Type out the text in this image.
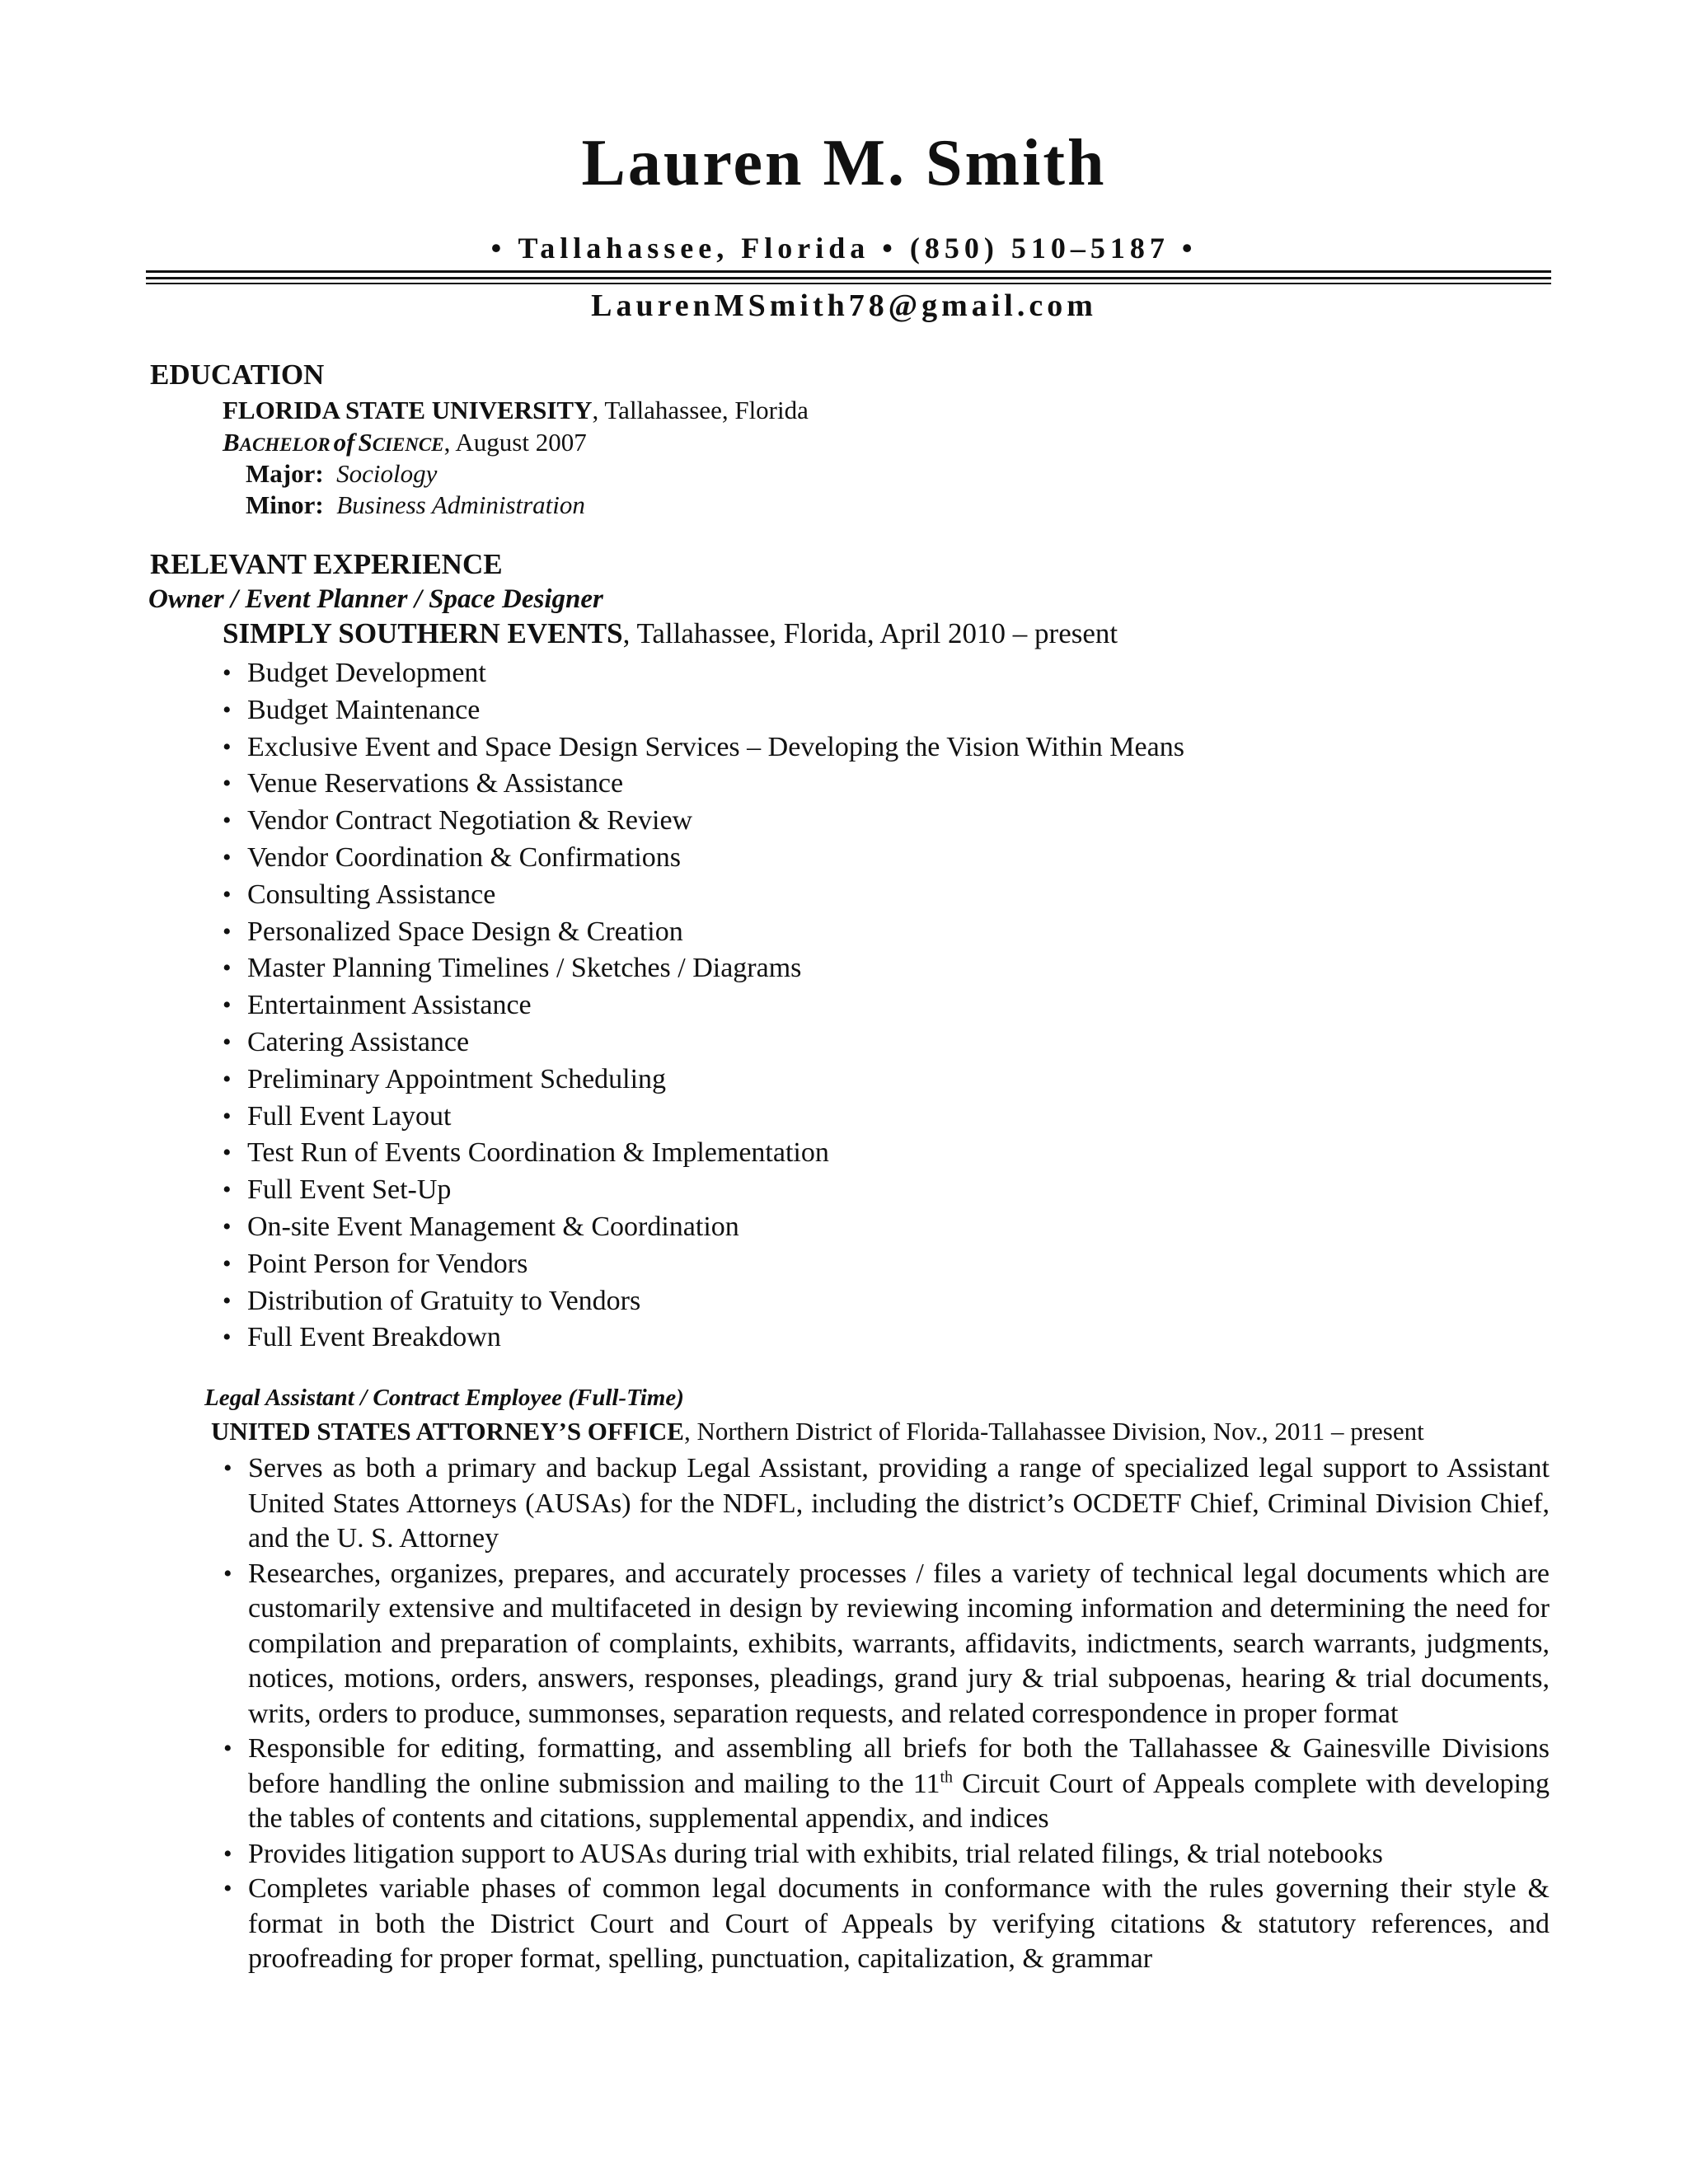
Lauren M. Smith
• Tallahassee, Florida • (850) 510–5187 •
LaurenMSmith78@gmail.com
EDUCATION
FLORIDA STATE UNIVERSITY, Tallahassee, Florida
BACHELOR of SCIENCE, August 2007
Major: Sociology
Minor: Business Administration
RELEVANT EXPERIENCE
Owner / Event Planner / Space Designer
SIMPLY SOUTHERN EVENTS, Tallahassee, Florida, April 2010 – present
• Budget Development
• Budget Maintenance
• Exclusive Event and Space Design Services – Developing the Vision Within Means
• Venue Reservations & Assistance
• Vendor Contract Negotiation & Review
• Vendor Coordination & Confirmations
• Consulting Assistance
• Personalized Space Design & Creation
• Master Planning Timelines / Sketches / Diagrams
• Entertainment Assistance
• Catering Assistance
• Preliminary Appointment Scheduling
• Full Event Layout
• Test Run of Events Coordination & Implementation
• Full Event Set-Up
• On-site Event Management & Coordination
• Point Person for Vendors
• Distribution of Gratuity to Vendors
• Full Event Breakdown
Legal Assistant / Contract Employee (Full-Time)
UNITED STATES ATTORNEY’S OFFICE, Northern District of Florida-Tallahassee Division, Nov., 2011 – present
• Serves as both a primary and backup Legal Assistant, providing a range of specialized legal support to Assistant United States Attorneys (AUSAs) for the NDFL, including the district’s OCDETF Chief, Criminal Division Chief, and the U. S. Attorney
• Researches, organizes, prepares, and accurately processes / files a variety of technical legal documents which are customarily extensive and multifaceted in design by reviewing incoming information and determining the need for compilation and preparation of complaints, exhibits, warrants, affidavits, indictments, search warrants, judgments, notices, motions, orders, answers, responses, pleadings, grand jury & trial subpoenas, hearing & trial documents, writs, orders to produce, summonses, separation requests, and related correspondence in proper format
• Responsible for editing, formatting, and assembling all briefs for both the Tallahassee & Gainesville Divisions before handling the online submission and mailing to the 11th Circuit Court of Appeals complete with developing the tables of contents and citations, supplemental appendix, and indices
• Provides litigation support to AUSAs during trial with exhibits, trial related filings, & trial notebooks
• Completes variable phases of common legal documents in conformance with the rules governing their style & format in both the District Court and Court of Appeals by verifying citations & statutory references, and proofreading for proper format, spelling, punctuation, capitalization, & grammar
